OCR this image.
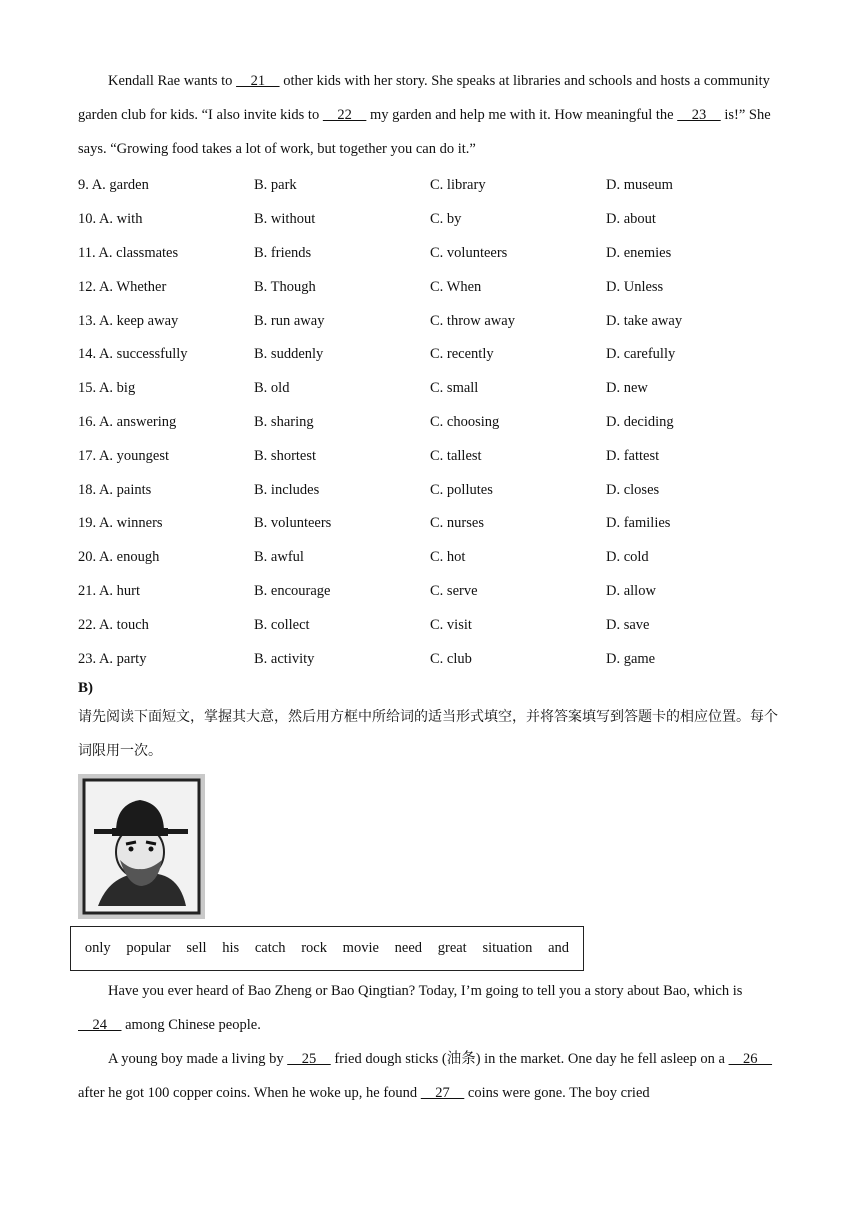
Kendall Rae wants to     21     other kids with her story. She speaks at libraries and schools and hosts a community garden club for kids. “I also invite kids to     22     my garden and help me with it. How meaningful the     23     is!” She says. “Growing food takes a lot of work, but together you can do it.”

9. A. garden	B. park	C. library	D. museum
10. A. with	B. without	C. by	D. about
11. A. classmates	B. friends	C. volunteers	D. enemies
12. A. Whether	B. Though	C. When	D. Unless
13. A. keep away	B. run away	C. throw away	D. take away
14. A. successfully	B. suddenly	C. recently	D. carefully
15. A. big	B. old	C. small	D. new
16. A. answering	B. sharing	C. choosing	D. deciding
17. A. youngest	B. shortest	C. tallest	D. fattest
18. A. paints	B. includes	C. pollutes	D. closes
19. A. winners	B. volunteers	C. nurses	D. families
20. A. enough	B. awful	C. hot	D. cold
21. A. hurt	B. encourage	C. serve	D. allow
22. A. touch	B. collect	C. visit	D. save
23. A. party	B. activity	C. club	D. game
B)

请先阅读下面短文，掌握其大意，然后用方框中所给词的适当形式填空，并将答案填写到答题卡的相应位置。每个词限用一次。

only popular sell his catch rock movie need great situation and

Have you ever heard of Bao Zheng or Bao Qingtian? Today, I’m going to tell you a story about Bao, which is     24     among Chinese people.

A young boy made a living by     25     fried dough sticks (油条) in the market. One day he fell asleep on a     26     after he got 100 copper coins. When he woke up, he found     27     coins were gone. The boy cried
